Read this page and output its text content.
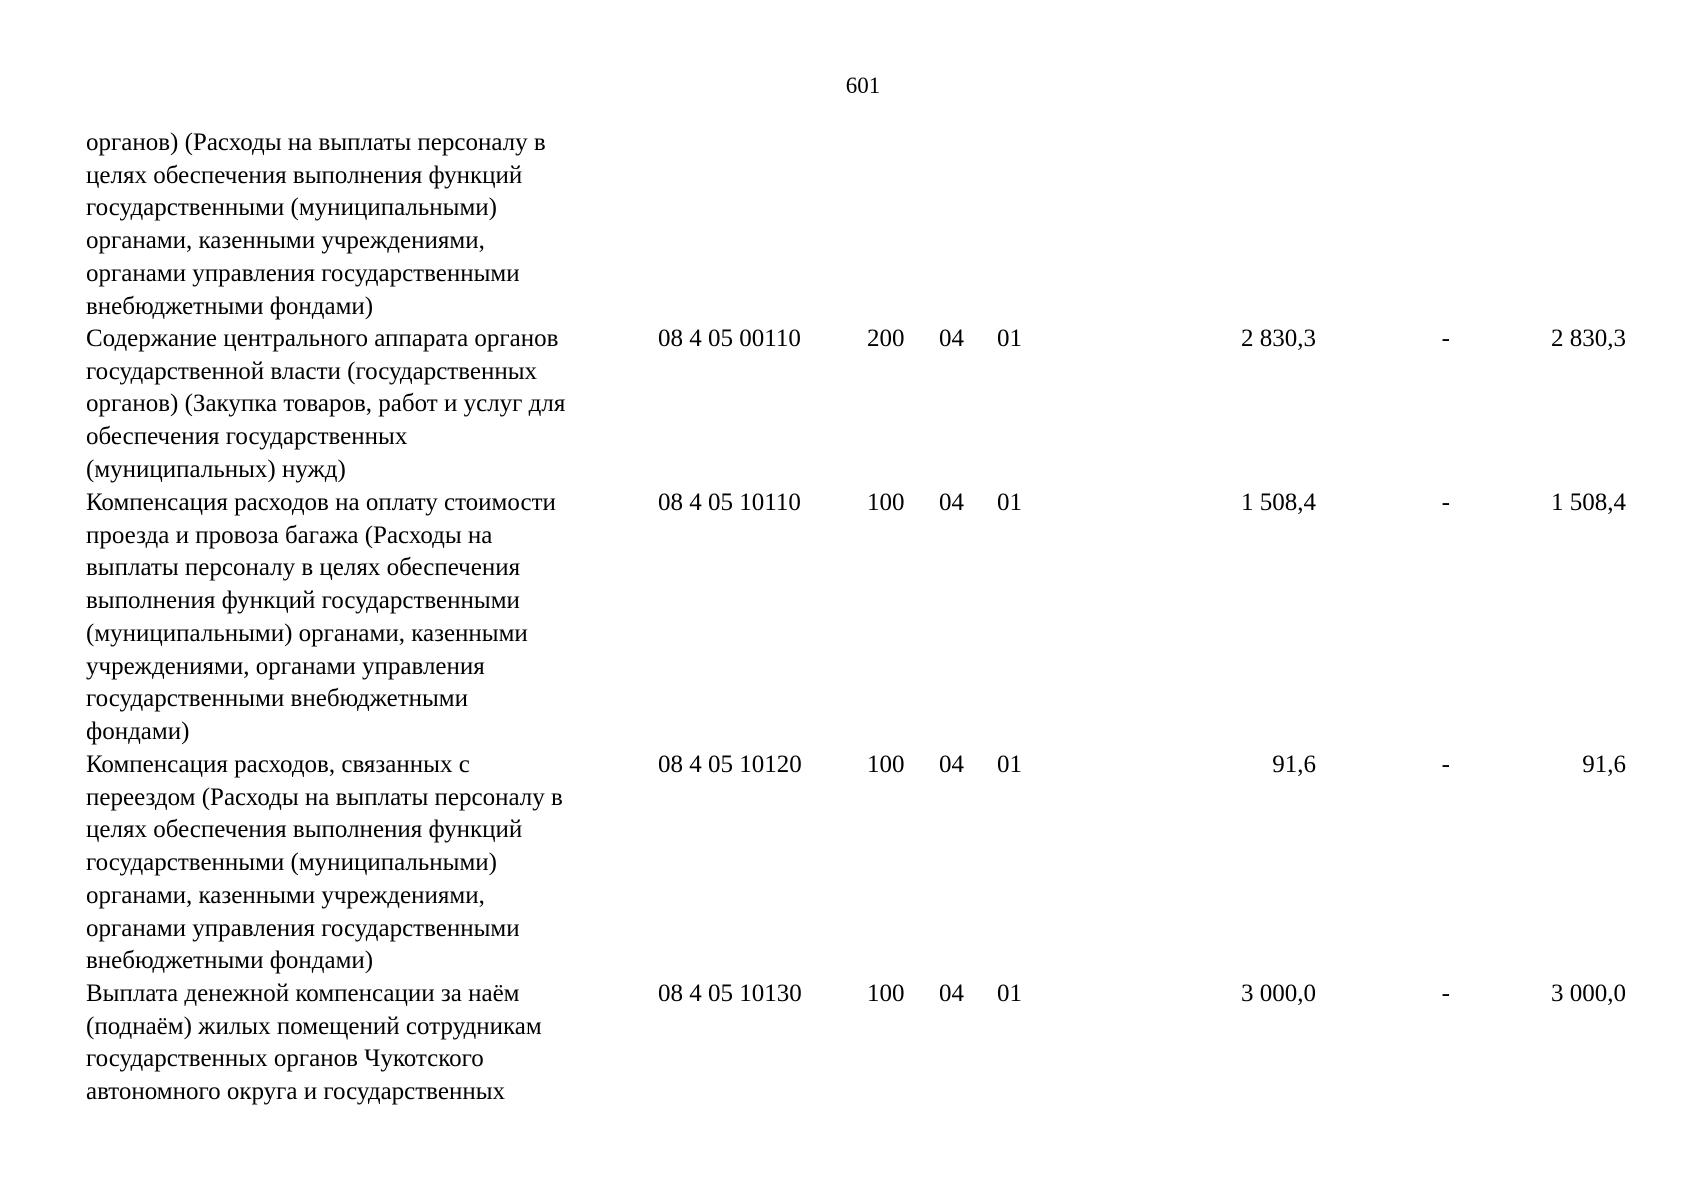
601
органов) (Расходы на выплаты персоналу в
целях обеспечения выполнения функций
государственными (муниципальными)
органами, казенными учреждениями,
органами управления государственными
внебюджетными фондами)
Содержание центрального аппарата органов
государственной власти (государственных
органов) (Закупка товаров, работ и услуг для
обеспечения государственных
(муниципальных) нужд)
08 4 05 00110	200 04 01	2 830,3	-	2 830,3
Компенсация расходов на оплату стоимости
проезда и провоза багажа (Расходы на
выплаты персоналу в целях обеспечения
выполнения функций государственными
(муниципальными) органами, казенными
учреждениями, органами управления
государственными внебюджетными
фондами)
08 4 05 10110	100 04 01	1 508,4	-	1 508,4
Компенсация расходов, связанных с
переездом (Расходы на выплаты персоналу в
целях обеспечения выполнения функций
государственными (муниципальными)
органами, казенными учреждениями,
органами управления государственными
внебюджетными фондами)
08 4 05 10120	100 04 01	91,6	-	91,6
Выплата денежной компенсации за наём
(поднаём) жилых помещений сотрудникам
государственных органов Чукотского
автономного округа и государственных
08 4 05 10130	100 04 01	3 000,0	-	3 000,0
